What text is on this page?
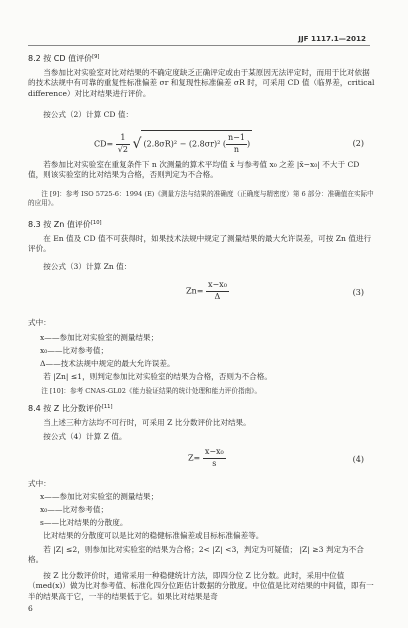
JJF 1117.1—2012
8.2 按 CD 值评价[9]
当参加比对实验室对比对结果的不确定度缺乏正确评定或由于某原因无法评定时，而用于比对依据的技术法规中有可靠的重复性标准偏差 σr 和复现性标准偏差 σR 时，可采用 CD 值（临界差，critical difference）对比对结果进行评价。
按公式（2）计算 CD 值：
$CD= \frac{1}{√2}$ √ (2.8σR)² − (2.8σr)² ( $\frac{n-1}{n}$ )	(2)
若参加比对实验室在重复条件下 n 次测量的算术平均值 x̄ 与参考值 x₀ 之差 |x̄−x₀| 不大于 CD 值，则该实验室的比对结果为合格，否则判定为不合格。
注 [9]：参考 ISO 5725-6：1994 (E)《测量方法与结果的准确度（正确度与精密度）第 6 部分：准确值在实际中的应用》。
8.3 按 Zn 值评价[10]
在 En 值及 CD 值不可获得时，如果技术法规中规定了测量结果的最大允许误差，可按 Zn 值进行评价。
按公式（3）计算 Zn 值：
$Zn= \frac{\text{x−x₀}}{\Delta}$	(3)
式中：
x——参加比对实验室的测量结果；
x₀——比对参考值；
Δ——技术法规中规定的最大允许误差。
若 |Zn| ≤1，则判定参加比对实验室的结果为合格，否则为不合格。
注 [10]：参考 CNAS-GL02《能力验证结果的统计处理和能力评价指南》。
8.4 按 Z 比分数评价[11]
当上述三种方法均不可行时，可采用 Z 比分数评价比对结果。
按公式（4）计算 Z 值。
$Z= \frac{\text{x−x₀}}{s}$	(4)
式中：
x——参加比对实验室的测量结果；
x₀——比对参考值；
s——比对结果的分散度。
比对结果的分散度可以是比对的稳健标准偏差或目标标准偏差等。
若 |Z| ≤2，则参加比对实验室的结果为合格；2< |Z| <3，判定为可疑值； |Z| ≥3 判定为不合格。
按 Z 比分数评价时，通常采用一种稳健统计方法，即四分位 Z 比分数。此时，采用中位值（med(x)）做为比对参考值、标准化四分位距估计数据的分散度。中位值是比对结果的中间值，即有一半的结果高于它，一半的结果低于它。如果比对结果是奇
6
